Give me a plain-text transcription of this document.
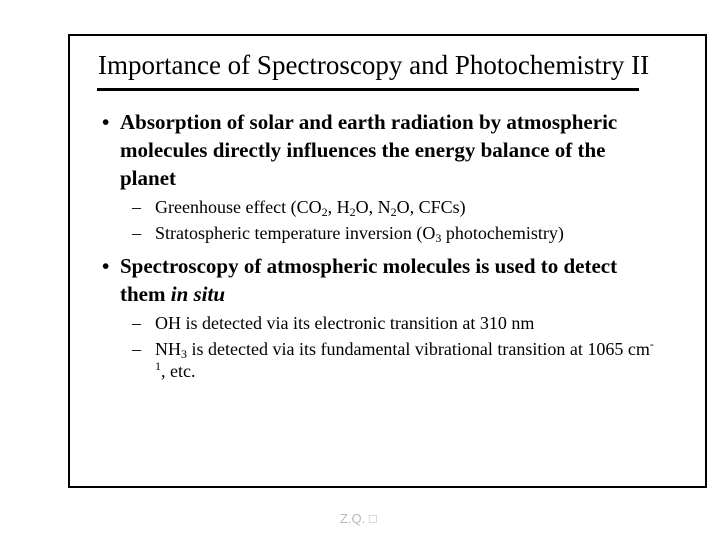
Importance of Spectroscopy and Photochemistry II
• Absorption of solar and earth radiation by atmospheric molecules directly influences the energy balance of the planet
– Greenhouse effect ($CO_2$, $H_2O$, $N_2O$, CFCs)
– Stratospheric temperature inversion ($O_3$ photochemistry)
• Spectroscopy of atmospheric molecules is used to detect them in situ
– OH is detected via its electronic transition at 310 nm
– $NH_3$ is detected via its fundamental vibrational transition at 1065 $cm^{-1}$, etc.
Z.Q. □
